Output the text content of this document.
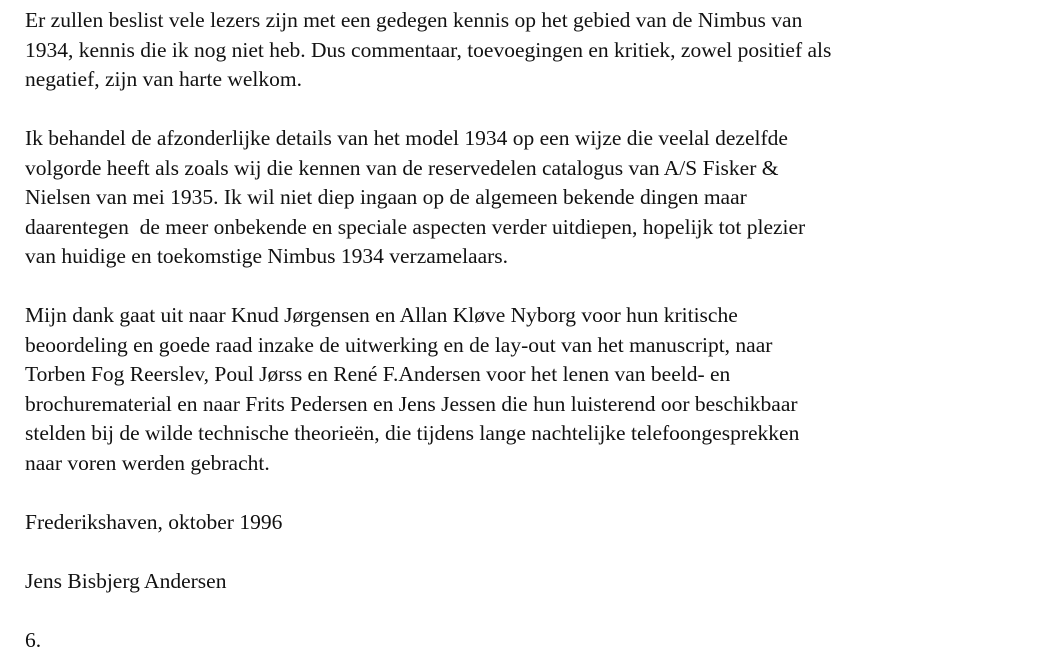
Er zullen beslist vele lezers zijn met een gedegen kennis op het gebied van de Nimbus van
1934, kennis die ik nog niet heb. Dus commentaar, toevoegingen en kritiek, zowel positief als
negatief, zijn van harte welkom.
Ik behandel de afzonderlijke details van het model 1934 op een wijze die veelal dezelfde
volgorde heeft als zoals wij die kennen van de reservedelen catalogus van A/S Fisker &
Nielsen van mei 1935. Ik wil niet diep ingaan op de algemeen bekende dingen maar
daarentegen  de meer onbekende en speciale aspecten verder uitdiepen, hopelijk tot plezier
van huidige en toekomstige Nimbus 1934 verzamelaars.
Mijn dank gaat uit naar Knud Jørgensen en Allan Kløve Nyborg voor hun kritische
beoordeling en goede raad inzake de uitwerking en de lay-out van het manuscript, naar
Torben Fog Reerslev, Poul Jørss en René F.Andersen voor het lenen van beeld- en
brochurematerial en naar Frits Pedersen en Jens Jessen die hun luisterend oor beschikbaar
stelden bij de wilde technische theorieën, die tijdens lange nachtelijke telefoongesprekken
naar voren werden gebracht.
Frederikshaven, oktober 1996
Jens Bisbjerg Andersen
6.
